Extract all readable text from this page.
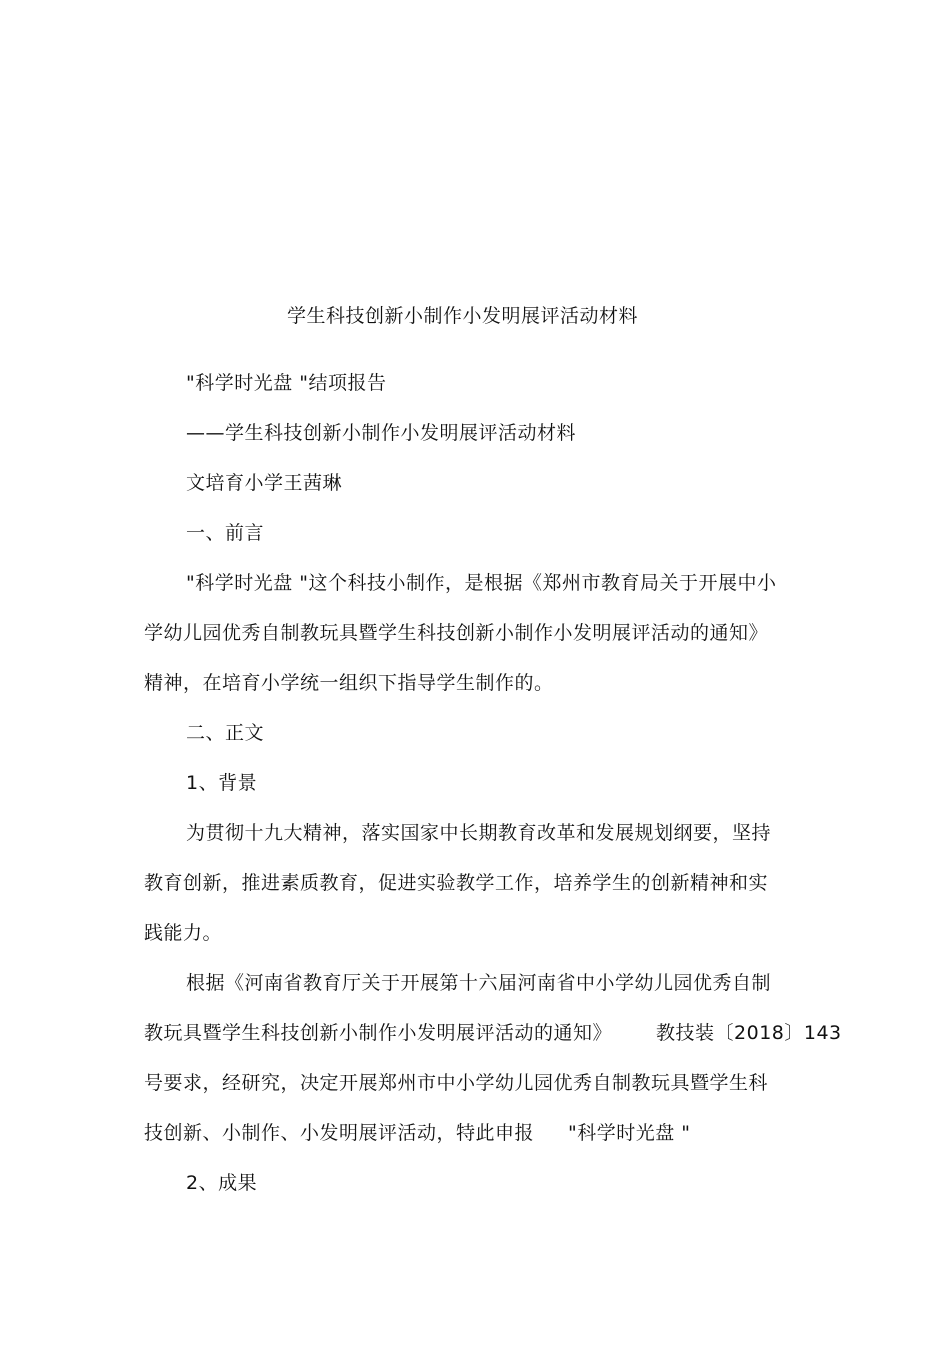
学生科技创新小制作小发明展评活动材料
"科学时光盘 "结项报告
——学生科技创新小制作小发明展评活动材料
文培育小学王茜琳
一、前言
"科学时光盘 "这个科技小制作，是根据《郑州市教育局关于开展中小
学幼儿园优秀自制教玩具暨学生科技创新小制作小发明展评活动的通知》
精神，在培育小学统一组织下指导学生制作的。
二、正文
1、背景
为贯彻十九大精神，落实国家中长期教育改革和发展规划纲要，坚持
教育创新，推进素质教育，促进实验教学工作，培养学生的创新精神和实
践能力。
根据《河南省教育厅关于开展第十六届河南省中小学幼儿园优秀自制
教玩具暨学生科技创新小制作小发明展评活动的通知》 教技装〔2018〕143
号要求，经研究，决定开展郑州市中小学幼儿园优秀自制教玩具暨学生科
技创新、小制作、小发明展评活动，特此申报 "科学时光盘 "
2、成果
